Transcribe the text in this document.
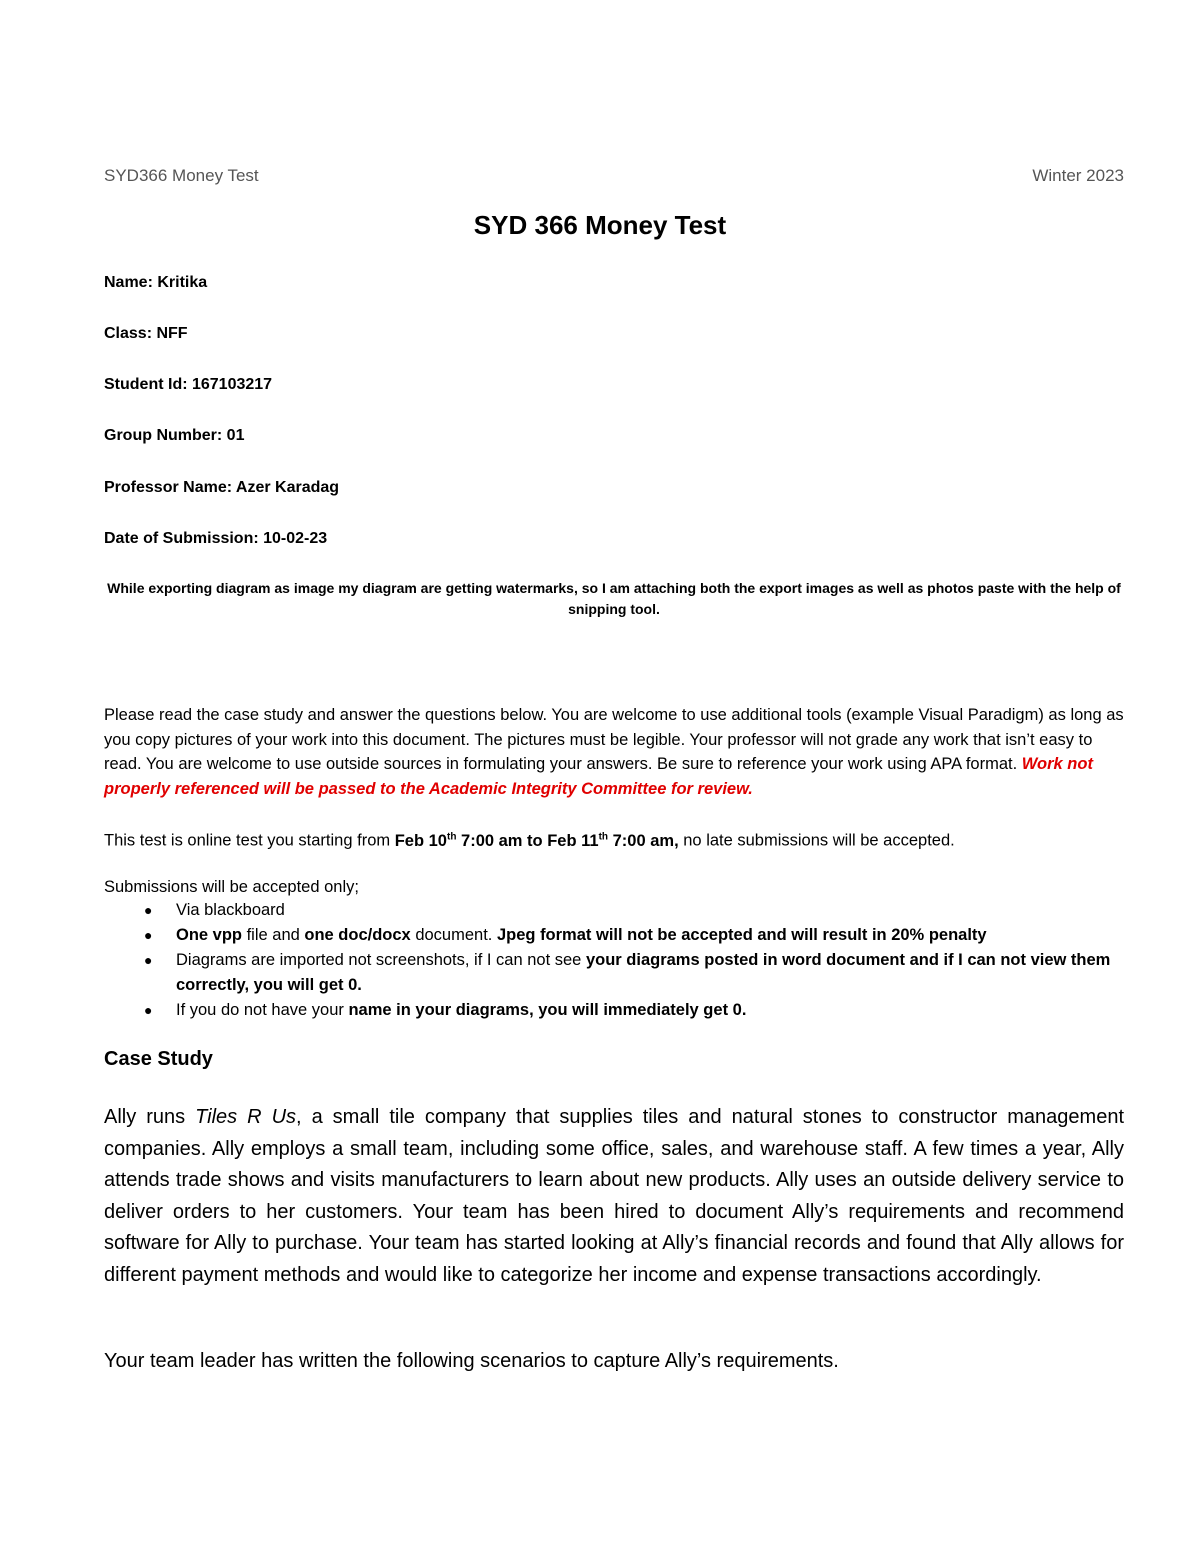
SYD366 Money Test	Winter 2023
SYD 366 Money Test
Name: Kritika
Class: NFF
Student Id: 167103217
Group Number: 01
Professor Name: Azer Karadag
Date of Submission: 10-02-23
While exporting diagram as image my diagram are getting watermarks, so I am attaching both the export images as well as photos paste with the help of snipping tool.
Please read the case study and answer the questions below. You are welcome to use additional tools (example Visual Paradigm) as long as you copy pictures of your work into this document. The pictures must be legible. Your professor will not grade any work that isn’t easy to read. You are welcome to use outside sources in formulating your answers. Be sure to reference your work using APA format. Work not properly referenced will be passed to the Academic Integrity Committee for review.
This test is online test you starting from Feb 10th 7:00 am to Feb 11th 7:00 am, no late submissions will be accepted.
Submissions will be accepted only;
● Via blackboard
● One vpp file and one doc/docx document. Jpeg format will not be accepted and will result in 20% penalty
● Diagrams are imported not screenshots, if I can not see your diagrams posted in word document and if I can not view them correctly, you will get 0.
● If you do not have your name in your diagrams, you will immediately get 0.
Case Study
Ally runs Tiles R Us, a small tile company that supplies tiles and natural stones to constructor management companies. Ally employs a small team, including some office, sales, and warehouse staff. A few times a year, Ally attends trade shows and visits manufacturers to learn about new products. Ally uses an outside delivery service to deliver orders to her customers. Your team has been hired to document Ally’s requirements and recommend software for Ally to purchase. Your team has started looking at Ally’s financial records and found that Ally allows for different payment methods and would like to categorize her income and expense transactions accordingly.
Your team leader has written the following scenarios to capture Ally’s requirements.
